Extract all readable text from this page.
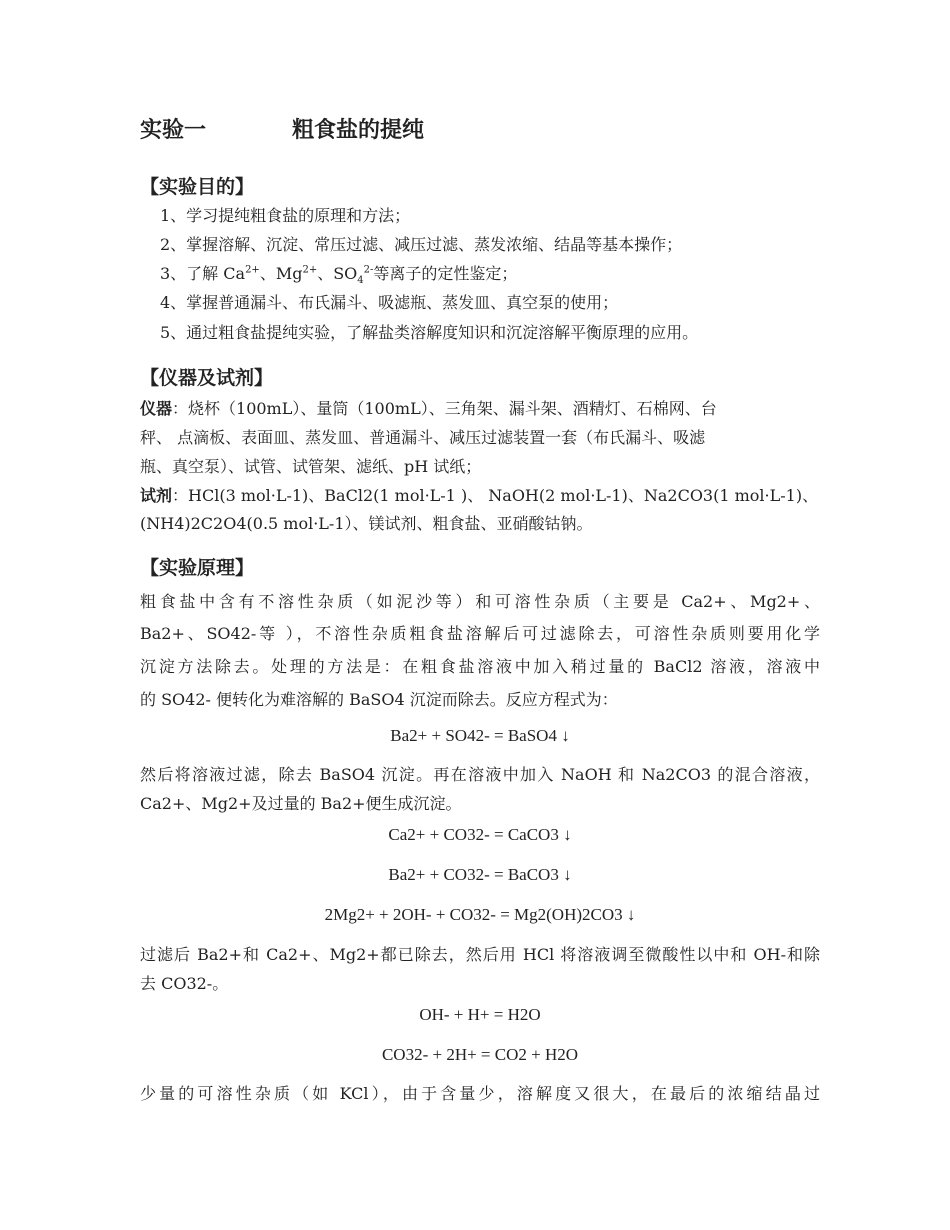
实验一	粗食盐的提纯
【实验目的】
1、学习提纯粗食盐的原理和方法；
2、掌握溶解、沉淀、常压过滤、减压过滤、蒸发浓缩、结晶等基本操作；
3、了解 $Ca^{2+}$、$Mg^{2+}$、$SO_4^{2-}$等离子的定性鉴定；
4、掌握普通漏斗、布氏漏斗、吸滤瓶、蒸发皿、真空泵的使用；
5、通过粗食盐提纯实验，了解盐类溶解度知识和沉淀溶解平衡原理的应用。
【仪器及试剂】
仪器：烧杯（100mL）、量筒（100mL）、三角架、漏斗架、酒精灯、石棉网、台
秤、 点滴板、表面皿、蒸发皿、普通漏斗、减压过滤装置一套（布氏漏斗、吸滤
瓶、真空泵）、试管、试管架、滤纸、pH 试纸；
试剂：HCl(3 mol·L-1)、BaCl2(1 mol·L-1 )、 NaOH(2 mol·L-1)、Na2CO3(1 mol·L-1)、
(NH4)2C2O4(0.5 mol·L-1）、镁试剂、粗食盐、亚硝酸钴钠。
【实验原理】
粗食盐中含有不溶性杂质（如泥沙等）和可溶性杂质（主要是 Ca2+、Mg2+、
Ba2+、SO42-等 ），不溶性杂质粗食盐溶解后可过滤除去，可溶性杂质则要用化学
沉淀方法除去。处理的方法是：在粗食盐溶液中加入稍过量的 BaCl2 溶液，溶液中
的 SO42- 便转化为难溶解的 BaSO4 沉淀而除去。反应方程式为：
Ba2+ + SO42- = BaSO4 ↓
然后将溶液过滤，除去 BaSO4 沉淀。再在溶液中加入 NaOH 和 Na2CO3 的混合溶液，
Ca2+、Mg2+及过量的 Ba2+便生成沉淀。
Ca2+ + CO32- = CaCO3 ↓
Ba2+ + CO32- = BaCO3 ↓
2Mg2+ + 2OH- + CO32- = Mg2(OH)2CO3 ↓
过滤后 Ba2+和 Ca2+、Mg2+都已除去，然后用 HCl 将溶液调至微酸性以中和 OH-和除
去 CO32-。
OH- + H+ = H2O
CO32- + 2H+ = CO2 + H2O
少量的可溶性杂质（如 KCl），由于含量少，溶解度又很大，在最后的浓缩结晶过
